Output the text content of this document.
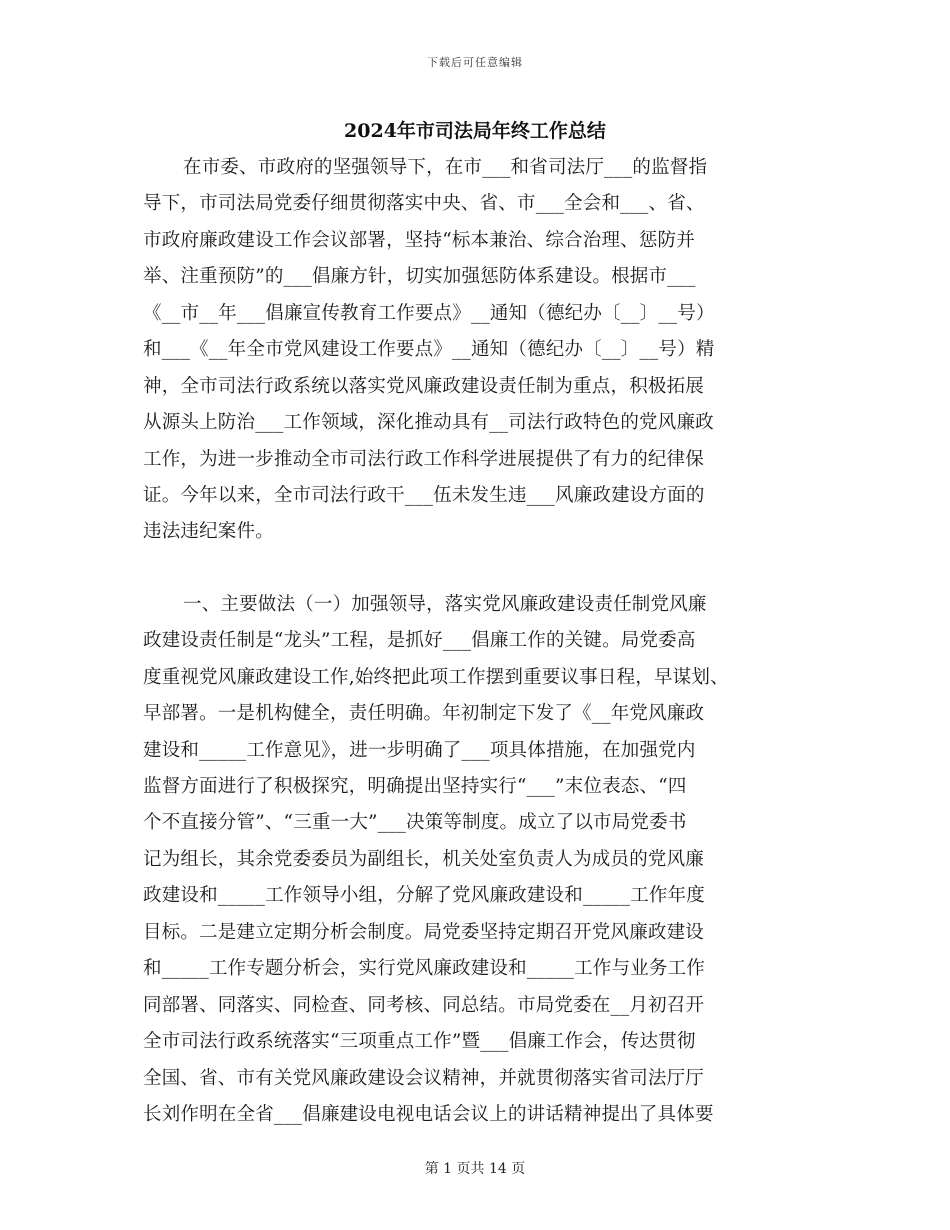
下载后可任意编辑
2024年市司法局年终工作总结
在市委、市政府的坚强领导下，在市___和省司法厅___的监督指
导下，市司法局党委仔细贯彻落实中央、省、市___全会和___、省、
市政府廉政建设工作会议部署，坚持“标本兼治、综合治理、惩防并
举、注重预防”的___倡廉方针，切实加强惩防体系建设。根据市___
《__市__年___倡廉宣传教育工作要点》__通知（德纪办〔__〕__号）
和___《__年全市党风建设工作要点》__通知（德纪办〔__〕__号）精
神，全市司法行政系统以落实党风廉政建设责任制为重点，积极拓展
从源头上防治___工作领域，深化推动具有__司法行政特色的党风廉政
工作，为进一步推动全市司法行政工作科学进展提供了有力的纪律保
证。今年以来，全市司法行政干___伍未发生违___风廉政建设方面的
违法违纪案件。
一、主要做法（一）加强领导，落实党风廉政建设责任制党风廉
政建设责任制是“龙头”工程，是抓好___倡廉工作的关键。局党委高
度重视党风廉政建设工作,始终把此项工作摆到重要议事日程，早谋划、
早部署。一是机构健全，责任明确。年初制定下发了《__年党风廉政
建设和_____工作意见》，进一步明确了___项具体措施，在加强党内
监督方面进行了积极探究，明确提出坚持实行“___”末位表态、“四
个不直接分管”、“三重一大”___决策等制度。成立了以市局党委书
记为组长，其余党委委员为副组长，机关处室负责人为成员的党风廉
政建设和_____工作领导小组，分解了党风廉政建设和_____工作年度
目标。二是建立定期分析会制度。局党委坚持定期召开党风廉政建设
和_____工作专题分析会，实行党风廉政建设和_____工作与业务工作
同部署、同落实、同检查、同考核、同总结。市局党委在__月初召开
全市司法行政系统落实“三项重点工作”暨___倡廉工作会，传达贯彻
全国、省、市有关党风廉政建设会议精神，并就贯彻落实省司法厅厅
长刘作明在全省___倡廉建设电视电话会议上的讲话精神提出了具体要
第 1 页共 14 页
